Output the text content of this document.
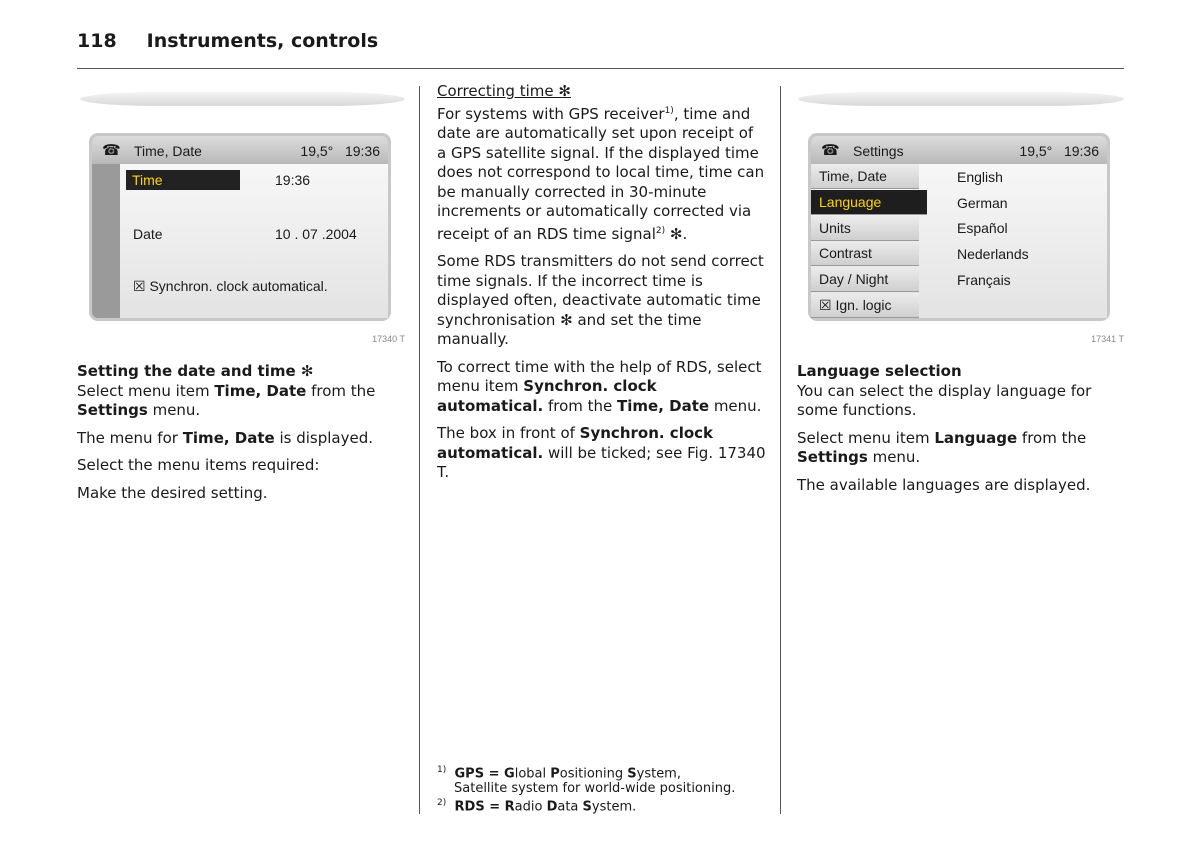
118 Instruments, controls
☎ Time, Date	19,5° 19:36
Time	19:36
Date	10 . 07 .2004
☒ Synchron. clock automatical.
17340 T
☎ Settings	19,5° 19:36
Time, Date
Language
Units
Contrast
Day / Night
☒ Ign. logic
English
German
Español
Nederlands
Français
17341 T
Setting the date and time ✻

Select menu item Time, Date from the Settings menu.

The menu for Time, Date is displayed.

Select the menu items required:

Make the desired setting.

Correcting time ✻

For systems with GPS receiver$^{1)}$, time and date are automatically set upon receipt of a GPS satellite signal. If the displayed time does not correspond to local time, time can be manually corrected in 30-minute increments or automatically corrected via receipt of an RDS time signal$^{2)}$ ✻.

Some RDS transmitters do not send correct time signals. If the incorrect time is displayed often, deactivate automatic time synchronisation ✻ and set the time manually.

To correct time with the help of RDS, select menu item Synchron. clock automatical. from the Time, Date menu.

The box in front of Synchron. clock automatical. will be ticked; see Fig. 17340 T.

$^{1)}$ GPS = Global Positioning System,
Satellite system for world-wide positioning.
$^{2)}$ RDS = Radio Data System.
Language selection

You can select the display language for some functions.

Select menu item Language from the Settings menu.

The available languages are displayed.
